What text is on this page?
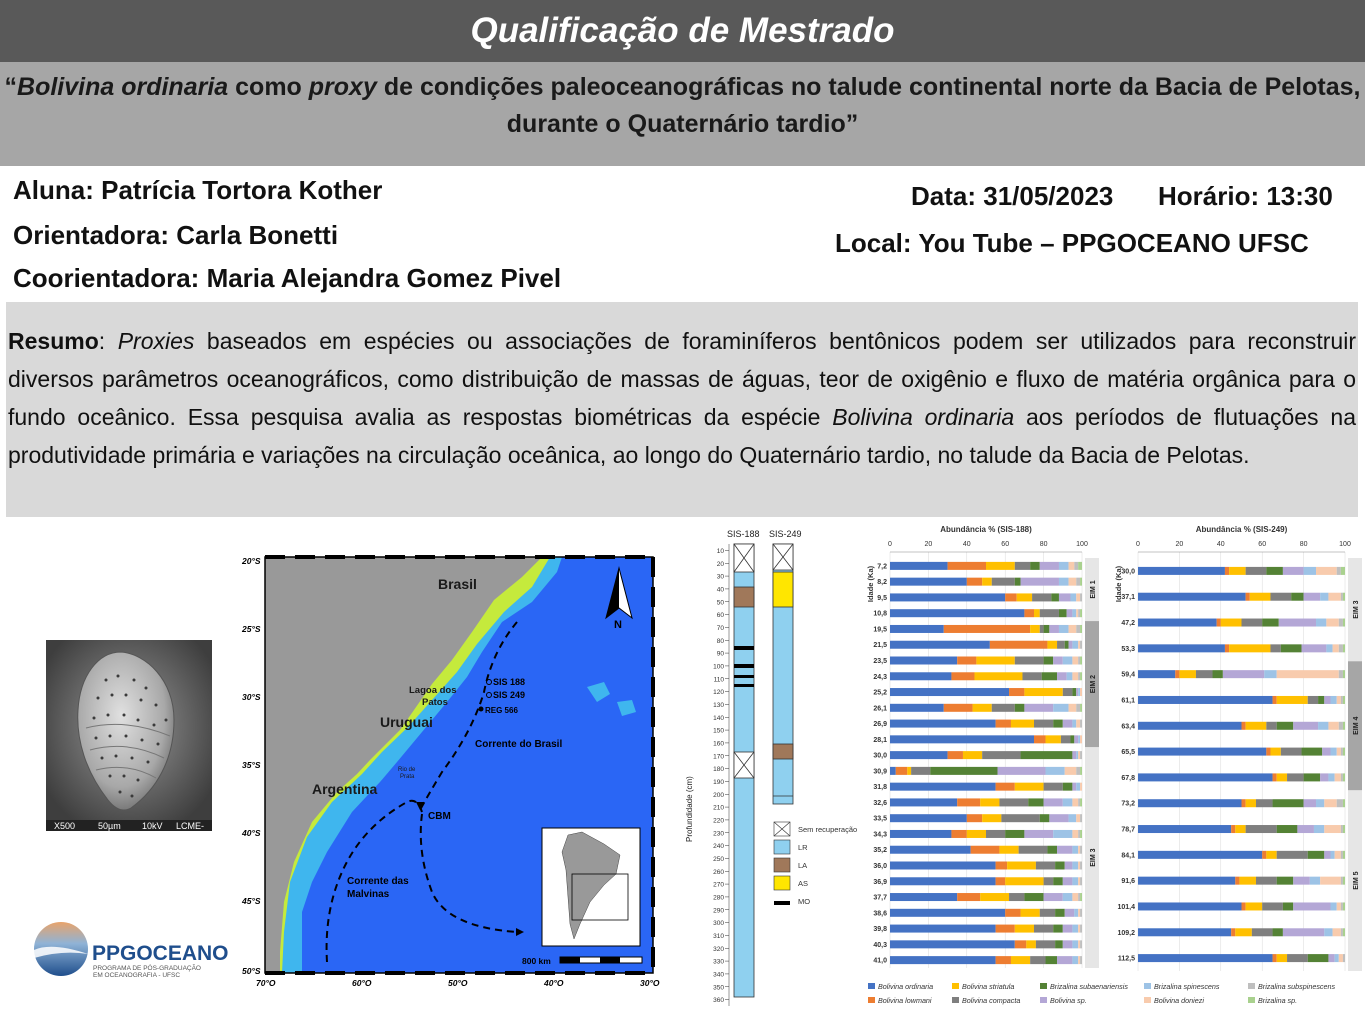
Qualificação de Mestrado
“Bolivina ordinaria como proxy de condições paleoceanográficas no talude continental norte da Bacia de Pelotas, durante o Quaternário tardio”
Aluna: Patrícia Tortora Kother
Orientadora: Carla Bonetti
Coorientadora: Maria Alejandra Gomez Pivel
Data: 31/05/2023 Horário: 13:30
Local: You Tube – PPGOCEANO UFSC
Resumo: Proxies baseados em espécies ou associações de foraminíferos bentônicos podem ser utilizados para reconstruir diversos parâmetros oceanográficos, como distribuição de massas de águas, teor de oxigênio e fluxo de matéria orgânica para o fundo oceânico. Essa pesquisa avalia as respostas biométricas da espécie Bolivina ordinaria aos períodos de flutuações na produtividade primária e variações na circulação oceânica, ao longo do Quaternário tardio, no talude da Bacia de Pelotas.
X500	50µm 10kV LCME-
PPGOCEANO
PROGRAMA DE PÓS-GRADUAÇÃO
EM OCEANOGRAFIA - UFSC
20°S
25°S
30°S
35°S
40°S
45°S
50°S
70°O	60°O	50°O	40°O	30°O
Brasil
Uruguai
Argentina
Lagoa dos
Patos
Rio de
Prata
SIS 188
SIS 249
REG 566
Corrente do Brasil
CBM
Corrente das
Malvinas
N
800 km
SIS-188 SIS-249
Profundidade (cm)
10
20
30
40
50
60
70
80
90
100
110
120
130
140
150
160
170
180
190
200
210
220
230
240
250
260
270
280
290
300
310
320
330
340
350
360
Sem recuperação
LR
LA
AS
MO
Abundância % (SIS-188)
Idade (Ka)
0	20	40	60	80	100
7,2
8,2
9,5
10,8
19,5
21,5
23,5
24,3
25,2
26,1
26,9
28,1
30,0
30,9
31,8
32,6
33,5
34,3
35,2
36,0
36,9
37,7
38,6
39,8
40,3
41,0
EIM 1
EIM 2
EIM 3
Abundância % (SIS-249)
Idade (Ka)
0	20	40	60	80	100
30,0
37,1
47,2
53,3
59,4
61,1
63,4
65,5
67,8
73,2
78,7
84,1
91,6
101,4
109,2
112,5
EIM 3
EIM 4
EIM 5
Bolivina ordinaria	Bolivina striatula	Brizalina subaenariensis	Brizalina spinescens	Brizalina subspinescens
Bolivina lowmani	Bolivina compacta	Bolivina sp.	Bolivina doniezi	Brizalina sp.
